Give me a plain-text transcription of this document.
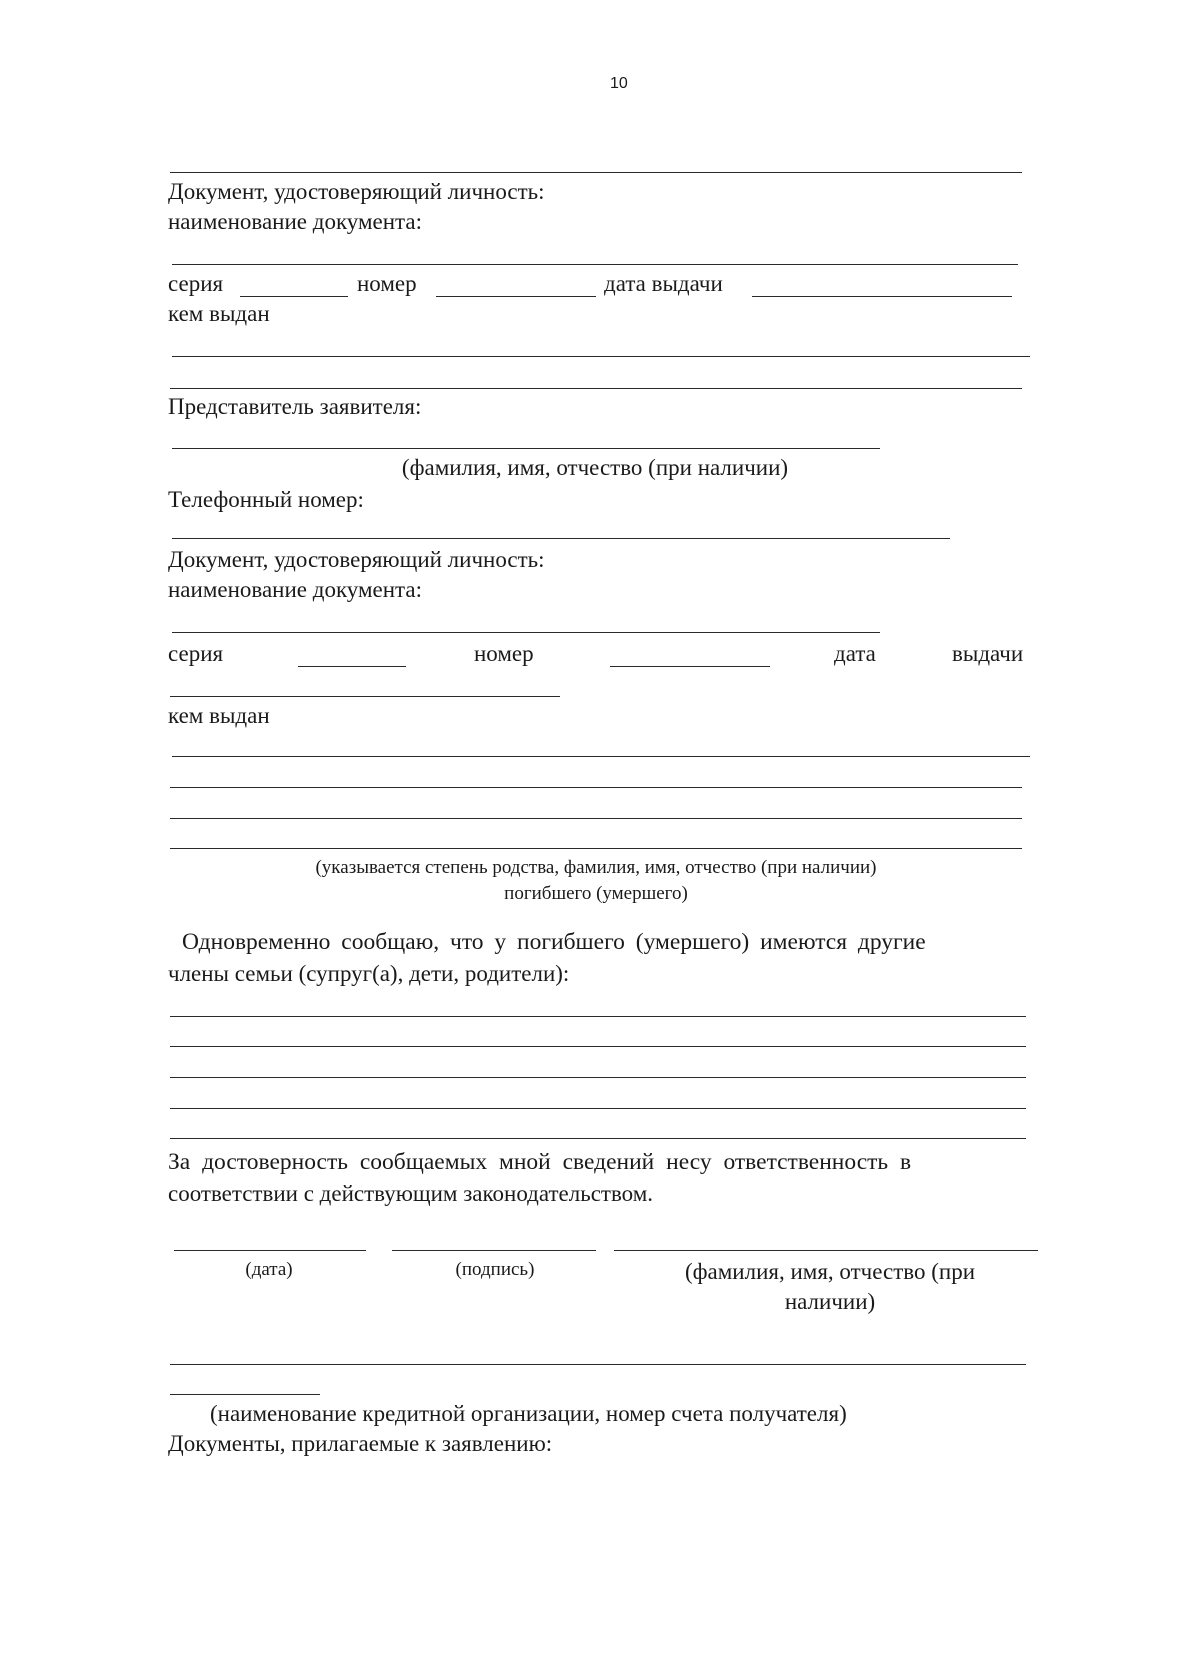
10
Документ, удостоверяющий личность:
наименование документа:
серия	номер	дата выдачи
кем выдан
Представитель заявителя:
(фамилия, имя, отчество (при наличии)
Телефонный номер:
Документ, удостоверяющий личность:
наименование документа:
серия	номер	дата	выдачи
кем выдан
(указывается степень родства, фамилия, имя, отчество (при наличии)
погибшего (умершего)
Одновременно сообщаю, что у погибшего (умершего) имеются другие
члены семьи (супруг(а), дети, родители):
За достоверность сообщаемых мной сведений несу ответственность в
соответствии с действующим законодательством.
(дата)	(подпись)	(фамилия, имя, отчество (при
наличии)
(наименование кредитной организации, номер счета получателя)
Документы, прилагаемые к заявлению:
